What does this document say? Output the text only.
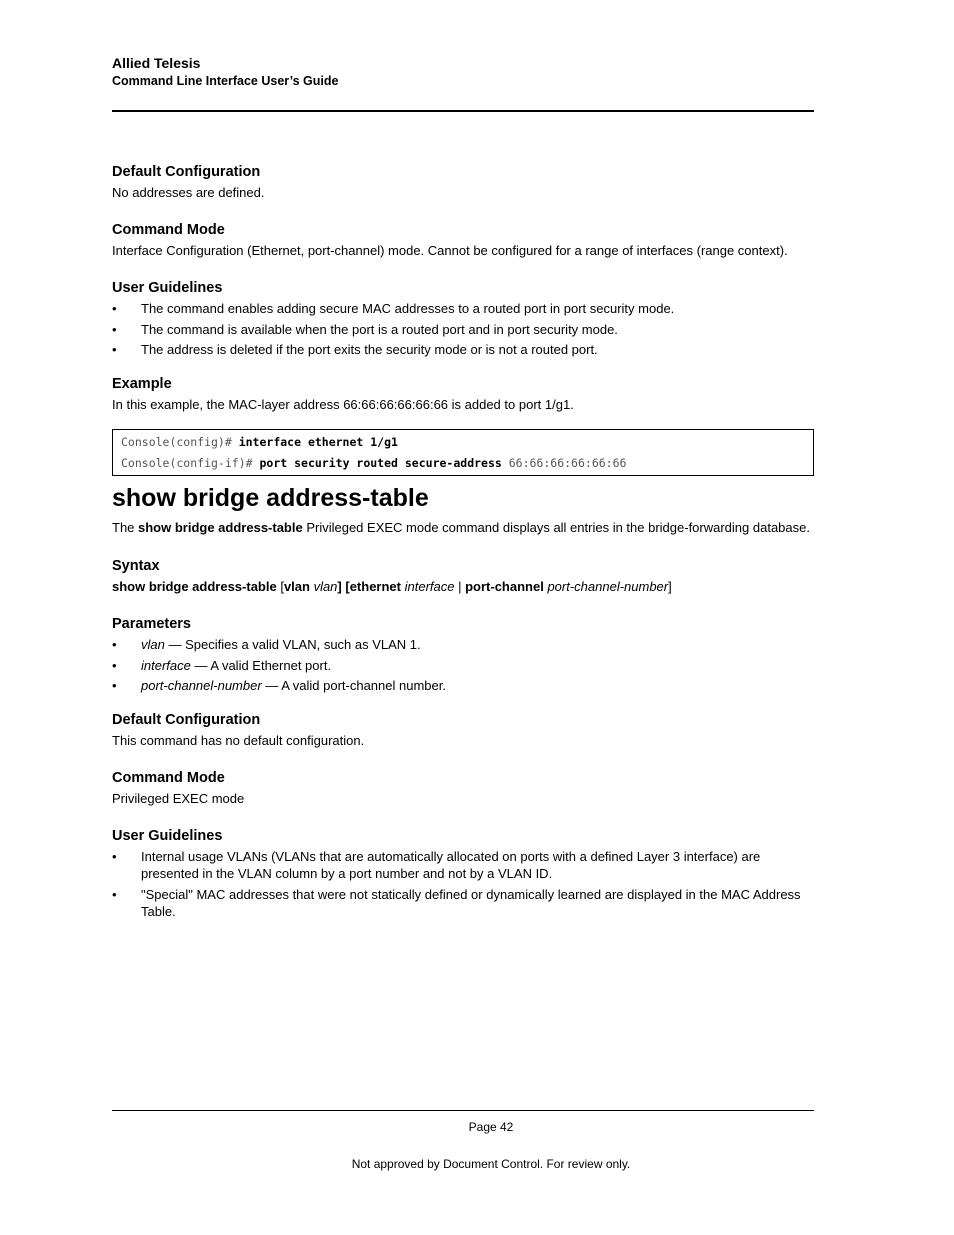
Allied Telesis
Command Line Interface User’s Guide
Default Configuration

No addresses are defined.

Command Mode

Interface Configuration (Ethernet, port-channel) mode. Cannot be configured for a range of interfaces (range context).

User Guidelines
• The command enables adding secure MAC addresses to a routed port in port security mode.
• The command is available when the port is a routed port and in port security mode.
• The address is deleted if the port exits the security mode or is not a routed port.
Example

In this example, the MAC-layer address 66:66:66:66:66:66 is added to port 1/g1.

Console(config)# interface ethernet 1/g1
Console(config-if)# port security routed secure-address 66:66:66:66:66:66
show bridge address-table

The show bridge address-table Privileged EXEC mode command displays all entries in the bridge-forwarding database.

Syntax
show bridge address-table [vlan vlan] [ethernet interface | port-channel port-channel-number]
Parameters
• vlan — Specifies a valid VLAN, such as VLAN 1.
• interface — A valid Ethernet port.
• port-channel-number — A valid port-channel number.
Default Configuration

This command has no default configuration.

Command Mode

Privileged EXEC mode

User Guidelines
• Internal usage VLANs (VLANs that are automatically allocated on ports with a defined Layer 3 interface) are presented in the VLAN column by a port number and not by a VLAN ID.
• "Special" MAC addresses that were not statically defined or dynamically learned are displayed in the MAC Address Table.
Page 42
Not approved by Document Control. For review only.
